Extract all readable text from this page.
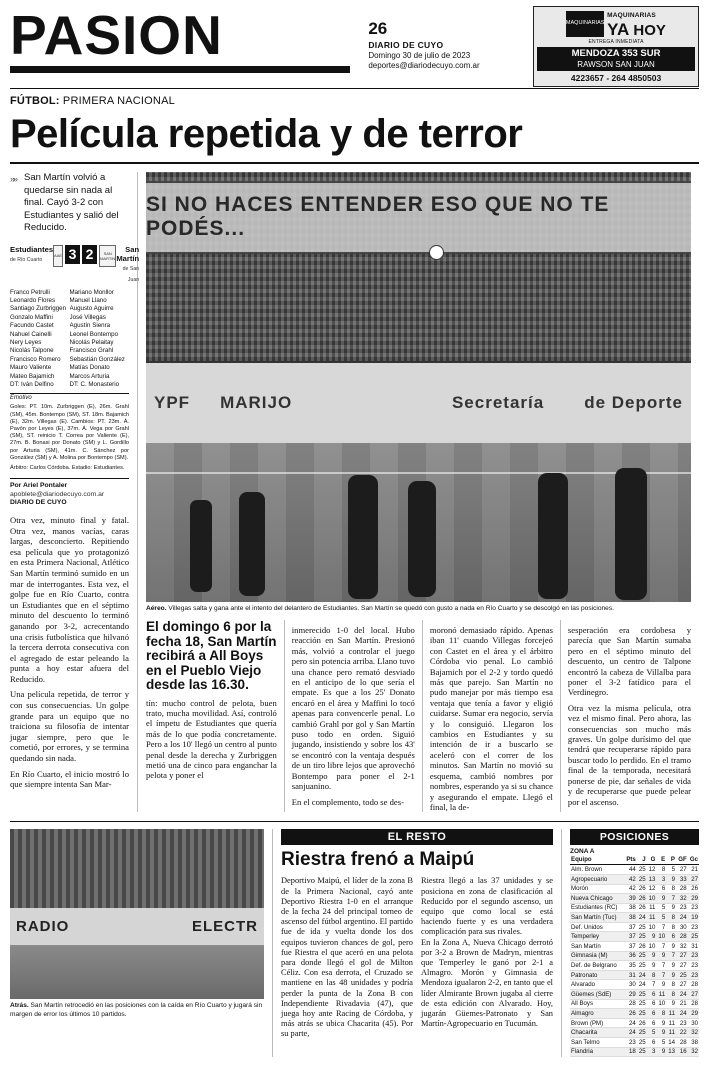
PASION	26
DIARIO DE CUYO
Domingo 30 de julio de 2023
deportes@diariodecuyo.com.ar
MAQUINARIAS
MAQUINARIAS
YA HOY
ENTREGA INMEDIATA
MENDOZA 353 SUR
RAWSON SAN JUAN
4223657 - 264 4850503
FÚTBOL: PRIMERA NACIONAL
Película repetida y de terror
»» San Martín volvió a quedarse sin nada al final. Cayó 3-2 con Estudiantes y salió del Reducido.
Estudiantes de Río Cuarto
AAE 3 2	SAN MARTIN
San Martín de San Juan
Franco Petrulli
Leonardo Flores
Santiago Zurbriggen
Gonzalo Maffini
Facundo Castet
Nahuel Cainelli
Nery Leyes
Nicolás Talpone
Francisco Romero
Mauro Valiente
Mateo Bajamich
DT: Iván Delfino
Mariano Monllor
Manuel Llano
Augusto Aguirre
José Villegas
Agustín Sienra
Leonel Bontempo
Nicolás Pelaitay
Francisco Grahl
Sebastián González
Matías Donato
Marcos Arturia
DT: C. Monasterio
Emotivo
Goles: PT. 10m. Zurbriggen (E), 26m. Grahl (SM), 45m. Bontempo (SM), ST. 18m. Bajamich (E), 32m. Villegas (E). Cambios: PT. 23m. Á. Pavón por Leyes (E), 37m. Á. Vega por Grahl (SM), ST. reinicio T. Correa por Valiente (E), 27m. B. Bonasi por Donato (SM) y L. Gordillo por Arturia (SM), 41m. C. Sánchez por González (SM) y A. Molina por Bontempo (SM).
Árbitro: Carlos Córdoba. Estadio: Estudiantes.
Por Ariel Pontaler
apoblete@diariodecuyo.com.ar
DIARIO DE CUYO

Otra vez, minuto final y fatal. Otra vez, manos vacías, caras largas, desconcierto. Repitiendo esa película que yo protagonizó en esta Primera Nacional, Atlético San Martín terminó sumido en un mar de interrogantes. Esta vez, el golpe fue en Río Cuarto, contra un Estudiantes que en el séptimo minuto del descuento lo terminó ganando por 3-2, acrecentando una crisis futbolística que hilvanó la tercera derrota consecutiva con el agregado de estar peleando la punta a hoy estar afuera del Reducido.

Una película repetida, de terror y con sus consecuencias. Un golpe grande para un equipo que no traiciona su filosofía de intentar jugar siempre, pero que le cometió, por errores, y se termina quedando sin nada.

En Río Cuarto, el inicio mostró lo que siempre intenta San Mar-

SI NO HACES ENTENDER ESO QUE NO TE PODÉS...
YPF MARIJO	Secretaría	de Deporte
Aéreo. Villegas salta y gana ante el intento del delantero de Estudiantes. San Martín se quedó con gusto a nada en Río Cuarto y se descolgó en las posiciones.
El domingo 6 por la fecha 18, San Martín recibirá a All Boys en el Pueblo Viejo desde las 16.30.

tín: mucho control de pelota, buen trato, mucha movilidad. Así, controló el ímpetu de Estudiantes que quería más de lo que podía concretamente. Pero a los 10' llegó un centro al punto penal desde la derecha y Zurbriggen metió una de cinco para enganchar la pelota y poner el

inmerecido 1-0 del local. Hubo reacción en San Martín. Presionó más, volvió a controlar el juego pero sin potencia arriba. Llano tuvo una chance pero remató desviado en el anticipo de lo que sería el empate. Es que a los 25' Donato encaró en el área y Maffini lo tocó apenas para convencerle penal. Lo cambió Grahl por gol y San Martín puso todo en orden. Siguió jugando, insistiendo y sobre los 43' se encontró con la ventaja después de un tiro libre lejos que aprovechó Bontempo para poner el 2-1 sanjuanino.

En el complemento, todo se des-

moronó demasiado rápido. Apenas iban 11' cuando Villegas forcejeó con Castet en el área y el árbitro Córdoba vio penal. Lo cambió Bajamich por el 2-2 y tordo quedó más que parejo. San Martín no pudo manejar por más tiempo esa ventaja que tenía a favor y eligió cuidarse. Sumar era negocio, servía y lo consiguió. Llegaron los cambios en Estudiantes y su intención de ir a buscarlo se aceleró con el correr de los minutos. San Martín no movió su esquema, cambió nombres por nombres, esperando ya si su chance y asegurando el empate. Llegó el final, la de-

sesperación era cordobesa y parecía que San Martín sumaba pero en el séptimo minuto del descuento, un centro de Talpone encontró la cabeza de Villalba para poner el 3-2 fatídico para el Verdinegro.

Otra vez la misma película, otra vez el mismo final. Pero ahora, las consecuencias son mucho más graves. Un golpe durísimo del que tendrá que recuperarse rápido para buscar todo lo perdido. En el tramo final de la temporada, necesitará ponerse de pie, dar señales de vida y de recuperarse que puede pelear por el ascenso.

RADIO	ELECTR
Atrás. San Martín retrocedió en las posiciones con la caída en Río Cuarto y jugará sin margen de error los últimos 10 partidos.
EL RESTO
Riestra frenó a Maipú

Deportivo Maipú, el líder de la zona B de la Primera Nacional, cayó ante Deportivo Riestra 1-0 en el arranque de la fecha 24 del principal torneo de ascenso del fútbol argentino. El partido fue de ida y vuelta donde los dos equipos tuvieron chances de gol, pero fue Riestra el que aceró en una pelota para donde llegó el gol de Milton Céliz. Con esa derrota, el Cruzado se mantiene en las 48 unidades y podría perder la punta de la Zona B con Independiente Rivadavia (47), que juega hoy ante Racing de Córdoba, y más atrás se ubica Chacarita (45). Por su parte,

Riestra llegó a las 37 unidades y se posiciona en zona de clasificación al Reducido por el segundo ascenso, un equipo que como local se está haciendo fuerte y es una verdadera complicación para sus rivales.

En la Zona A, Nueva Chicago derrotó por 3-2 a Brown de Madryn, mientras que Temperley le ganó por 2-1 a Almagro. Morón y Gimnasia de Mendoza igualaron 2-2, en tanto que el líder Almirante Brown jugaba al cierre de esta edición con Alvarado. Hoy, jugarán Güemes-Patronato y San Martín-Agropecuario en Tucumán.

POSICIONES
ZONA A
Equipo	Pts	J	G	E	P	GF	Gc
Alm. Brown	44	25	12	8	5	27	21
Agropecuario	42	25	13	3	9	33	27
Morón	42	26	12	6	8	28	26
Nueva Chicago	39	26	10	9	7	32	29
Estudiantes (RC)	38	26	11	5	9	23	23
San Martín (Tuc)	38	24	11	5	8	24	19
Def. Unidos	37	25	10	7	8	30	23
Temperley	37	25	9	10	6	28	25
San Martín	37	26	10	7	9	32	31
Gimnasia (M)	36	25	9	9	7	27	23
Def. de Belgrano	35	25	9	7	9	27	23
Patronato	31	24	8	7	9	25	23
Alvarado	30	24	7	9	8	27	28
Güemes (SdE)	29	25	6	11	8	24	27
All Boys	28	25	6	10	9	21	28
Almagro	26	25	6	8	11	24	29
Brown (PM)	24	26	6	9	11	23	30
Chacarita	24	25	5	9	11	22	32
San Telmo	23	25	6	5	14	28	38
Flandria	18	25	3	9	13	16	32
